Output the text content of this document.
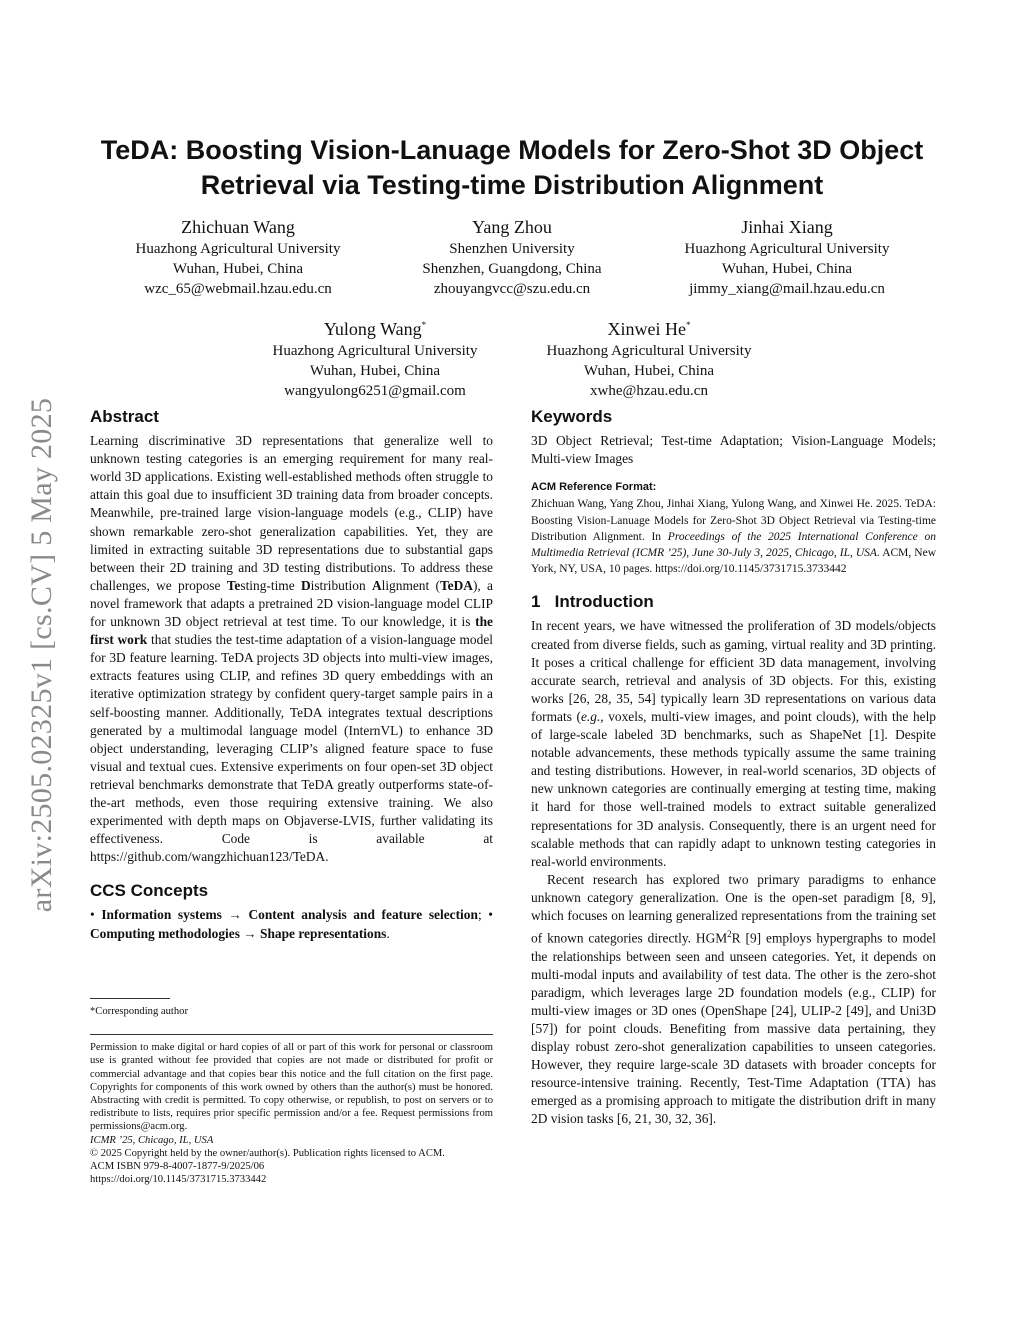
arXiv:2505.02325v1 [cs.CV] 5 May 2025
TeDA: Boosting Vision-Lanuage Models for Zero-Shot 3D Object
Retrieval via Testing-time Distribution Alignment
Zhichuan Wang
Huazhong Agricultural University
Wuhan, Hubei, China
wzc_65@webmail.hzau.edu.cn
Yang Zhou
Shenzhen University
Shenzhen, Guangdong, China
zhouyangvcc@szu.edu.cn
Jinhai Xiang
Huazhong Agricultural University
Wuhan, Hubei, China
jimmy_xiang@mail.hzau.edu.cn
Yulong Wang*
Huazhong Agricultural University
Wuhan, Hubei, China
wangyulong6251@gmail.com
Xinwei He*
Huazhong Agricultural University
Wuhan, Hubei, China
xwhe@hzau.edu.cn
Abstract

Learning discriminative 3D representations that generalize well to unknown testing categories is an emerging requirement for many real-world 3D applications. Existing well-established methods often struggle to attain this goal due to insufficient 3D training data from broader concepts. Meanwhile, pre-trained large vision-language models (e.g., CLIP) have shown remarkable zero-shot generalization capabilities. Yet, they are limited in extracting suitable 3D representations due to substantial gaps between their 2D training and 3D testing distributions. To address these challenges, we propose Testing-time Distribution Alignment (TeDA), a novel framework that adapts a pretrained 2D vision-language model CLIP for unknown 3D object retrieval at test time. To our knowledge, it is the first work that studies the test-time adaptation of a vision-language model for 3D feature learning. TeDA projects 3D objects into multi-view images, extracts features using CLIP, and refines 3D query embeddings with an iterative optimization strategy by confident query-target sample pairs in a self-boosting manner. Additionally, TeDA integrates textual descriptions generated by a multimodal language model (InternVL) to enhance 3D object understanding, leveraging CLIP’s aligned feature space to fuse visual and textual cues. Extensive experiments on four open-set 3D object retrieval benchmarks demonstrate that TeDA greatly outperforms state-of-the-art methods, even those requiring extensive training. We also experimented with depth maps on Objaverse-LVIS, further validating its effectiveness. Code is available at https://github.com/wangzhichuan123/TeDA.

CCS Concepts

• Information systems → Content analysis and feature selection; • Computing methodologies → Shape representations.

*Corresponding author
Permission to make digital or hard copies of all or part of this work for personal or classroom use is granted without fee provided that copies are not made or distributed for profit or commercial advantage and that copies bear this notice and the full citation on the first page. Copyrights for components of this work owned by others than the author(s) must be honored. Abstracting with credit is permitted. To copy otherwise, or republish, to post on servers or to redistribute to lists, requires prior specific permission and/or a fee. Request permissions from permissions@acm.org.
ICMR ’25, Chicago, IL, USA
© 2025 Copyright held by the owner/author(s). Publication rights licensed to ACM.
ACM ISBN 979-8-4007-1877-9/2025/06
https://doi.org/10.1145/3731715.3733442
Keywords

3D Object Retrieval; Test-time Adaptation; Vision-Language Models; Multi-view Images

ACM Reference Format:

Zhichuan Wang, Yang Zhou, Jinhai Xiang, Yulong Wang, and Xinwei He. 2025. TeDA: Boosting Vision-Lanuage Models for Zero-Shot 3D Object Retrieval via Testing-time Distribution Alignment. In Proceedings of the 2025 International Conference on Multimedia Retrieval (ICMR ’25), June 30-July 3, 2025, Chicago, IL, USA. ACM, New York, NY, USA, 10 pages. https://doi.org/10.1145/3731715.3733442

1 Introduction

In recent years, we have witnessed the proliferation of 3D models/objects created from diverse fields, such as gaming, virtual reality and 3D printing. It poses a critical challenge for efficient 3D data management, involving accurate search, retrieval and analysis of 3D objects. For this, existing works [26, 28, 35, 54] typically learn 3D representations on various data formats (e.g., voxels, multi-view images, and point clouds), with the help of large-scale labeled 3D benchmarks, such as ShapeNet [1]. Despite notable advancements, these methods typically assume the same training and testing distributions. However, in real-world scenarios, 3D objects of new unknown categories are continually emerging at testing time, making it hard for those well-trained models to extract suitable generalized representations for 3D analysis. Consequently, there is an urgent need for scalable methods that can rapidly adapt to unknown testing categories in real-world environments.

Recent research has explored two primary paradigms to enhance unknown category generalization. One is the open-set paradigm [8, 9], which focuses on learning generalized representations from the training set of known categories directly. HGM$^2$R [9] employs hypergraphs to model the relationships between seen and unseen categories. Yet, it depends on multi-modal inputs and availability of test data. The other is the zero-shot paradigm, which leverages large 2D foundation models (e.g., CLIP) for multi-view images or 3D ones (OpenShape [24], ULIP-2 [49], and Uni3D [57]) for point clouds. Benefiting from massive data pertaining, they display robust zero-shot generalization capabilities to unseen categories. However, they require large-scale 3D datasets with broader concepts for resource-intensive training. Recently, Test-Time Adaptation (TTA) has emerged as a promising approach to mitigate the distribution drift in many 2D vision tasks [6, 21, 30, 32, 36].
